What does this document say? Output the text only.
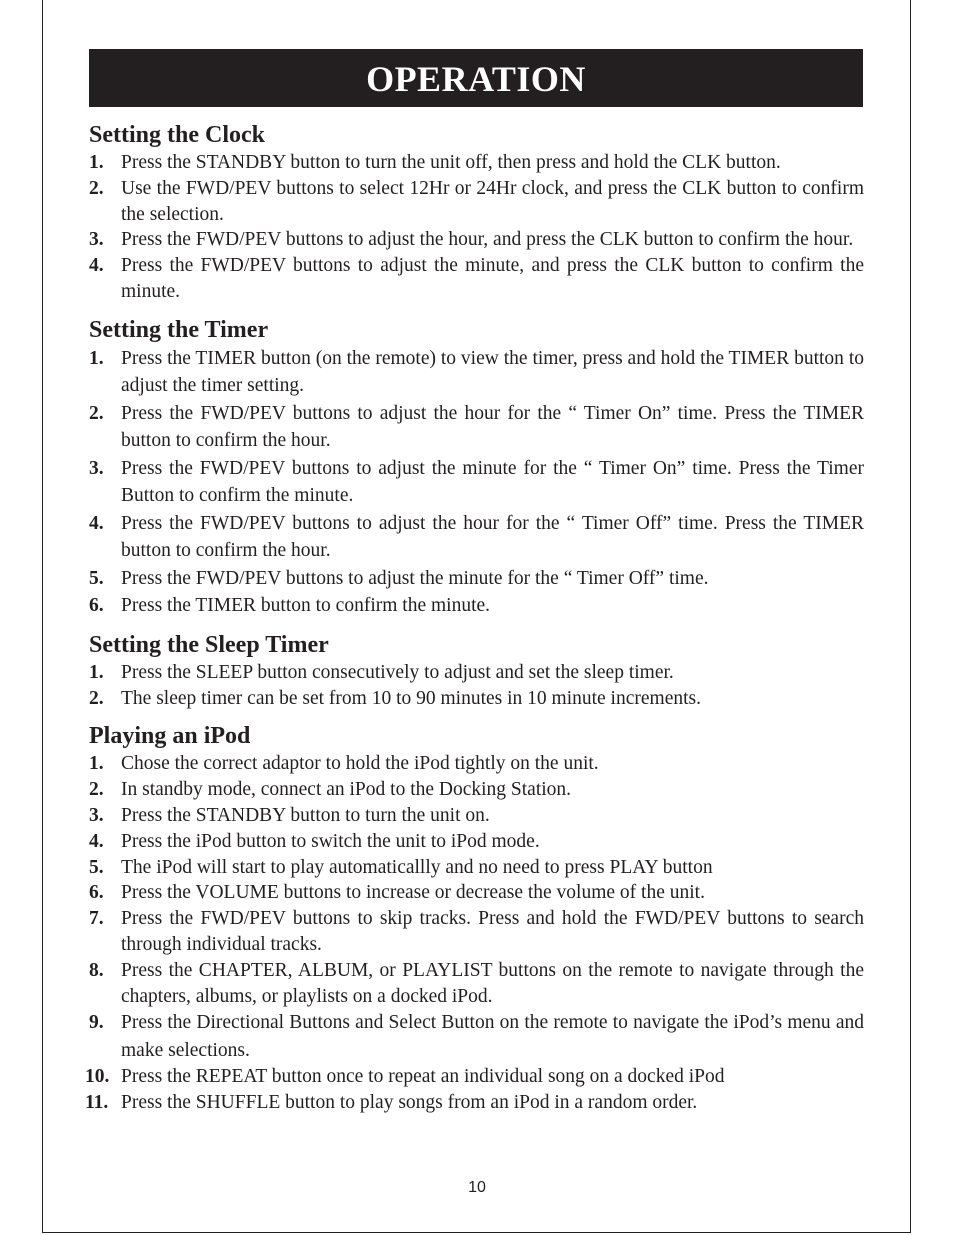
OPERATION
Setting the Clock
1. Press the STANDBY button to turn the unit off, then press and hold the CLK button.
2. Use the FWD/PEV buttons to select 12Hr or 24Hr clock, and press the CLK button to confirm the selection.
3. Press the FWD/PEV buttons to adjust the hour, and press the CLK button to confirm the hour.
4. Press the FWD/PEV buttons to adjust the minute, and press the CLK button to confirm the minute.
Setting the Timer
1. Press the TIMER button (on the remote) to view the timer, press and hold the TIMER button to adjust the timer setting.
2. Press the FWD/PEV buttons to adjust the hour for the “ Timer On” time. Press the TIMER button to confirm the hour.
3. Press the FWD/PEV buttons to adjust the minute for the “ Timer On” time. Press the Timer Button to confirm the minute.
4. Press the FWD/PEV buttons to adjust the hour for the “ Timer Off” time. Press the TIMER button to confirm the hour.
5. Press the FWD/PEV buttons to adjust the minute for the “ Timer Off” time.
6. Press the TIMER button to confirm the minute.
Setting the Sleep Timer
1. Press the SLEEP button consecutively to adjust and set the sleep timer.
2. The sleep timer can be set from 10 to 90 minutes in 10 minute increments.
Playing an iPod
1. Chose the correct adaptor to hold the iPod tightly on the unit.
2. In standby mode, connect an iPod to the Docking Station.
3. Press the STANDBY button to turn the unit on.
4. Press the iPod button to switch the unit to iPod mode.
5. The iPod will start to play automaticallly and no need to press PLAY button
6. Press the VOLUME buttons to increase or decrease the volume of the unit.
7. Press the FWD/PEV buttons to skip tracks. Press and hold the FWD/PEV buttons to search through individual tracks.
8. Press the CHAPTER, ALBUM, or PLAYLIST buttons on the remote to navigate through the chapters, albums, or playlists on a docked iPod.
9. Press the Directional Buttons and Select Button on the remote to navigate the iPod’s menu and make selections.
10. Press the REPEAT button once to repeat an individual song on a docked iPod
11. Press the SHUFFLE button to play songs from an iPod in a random order.
10
